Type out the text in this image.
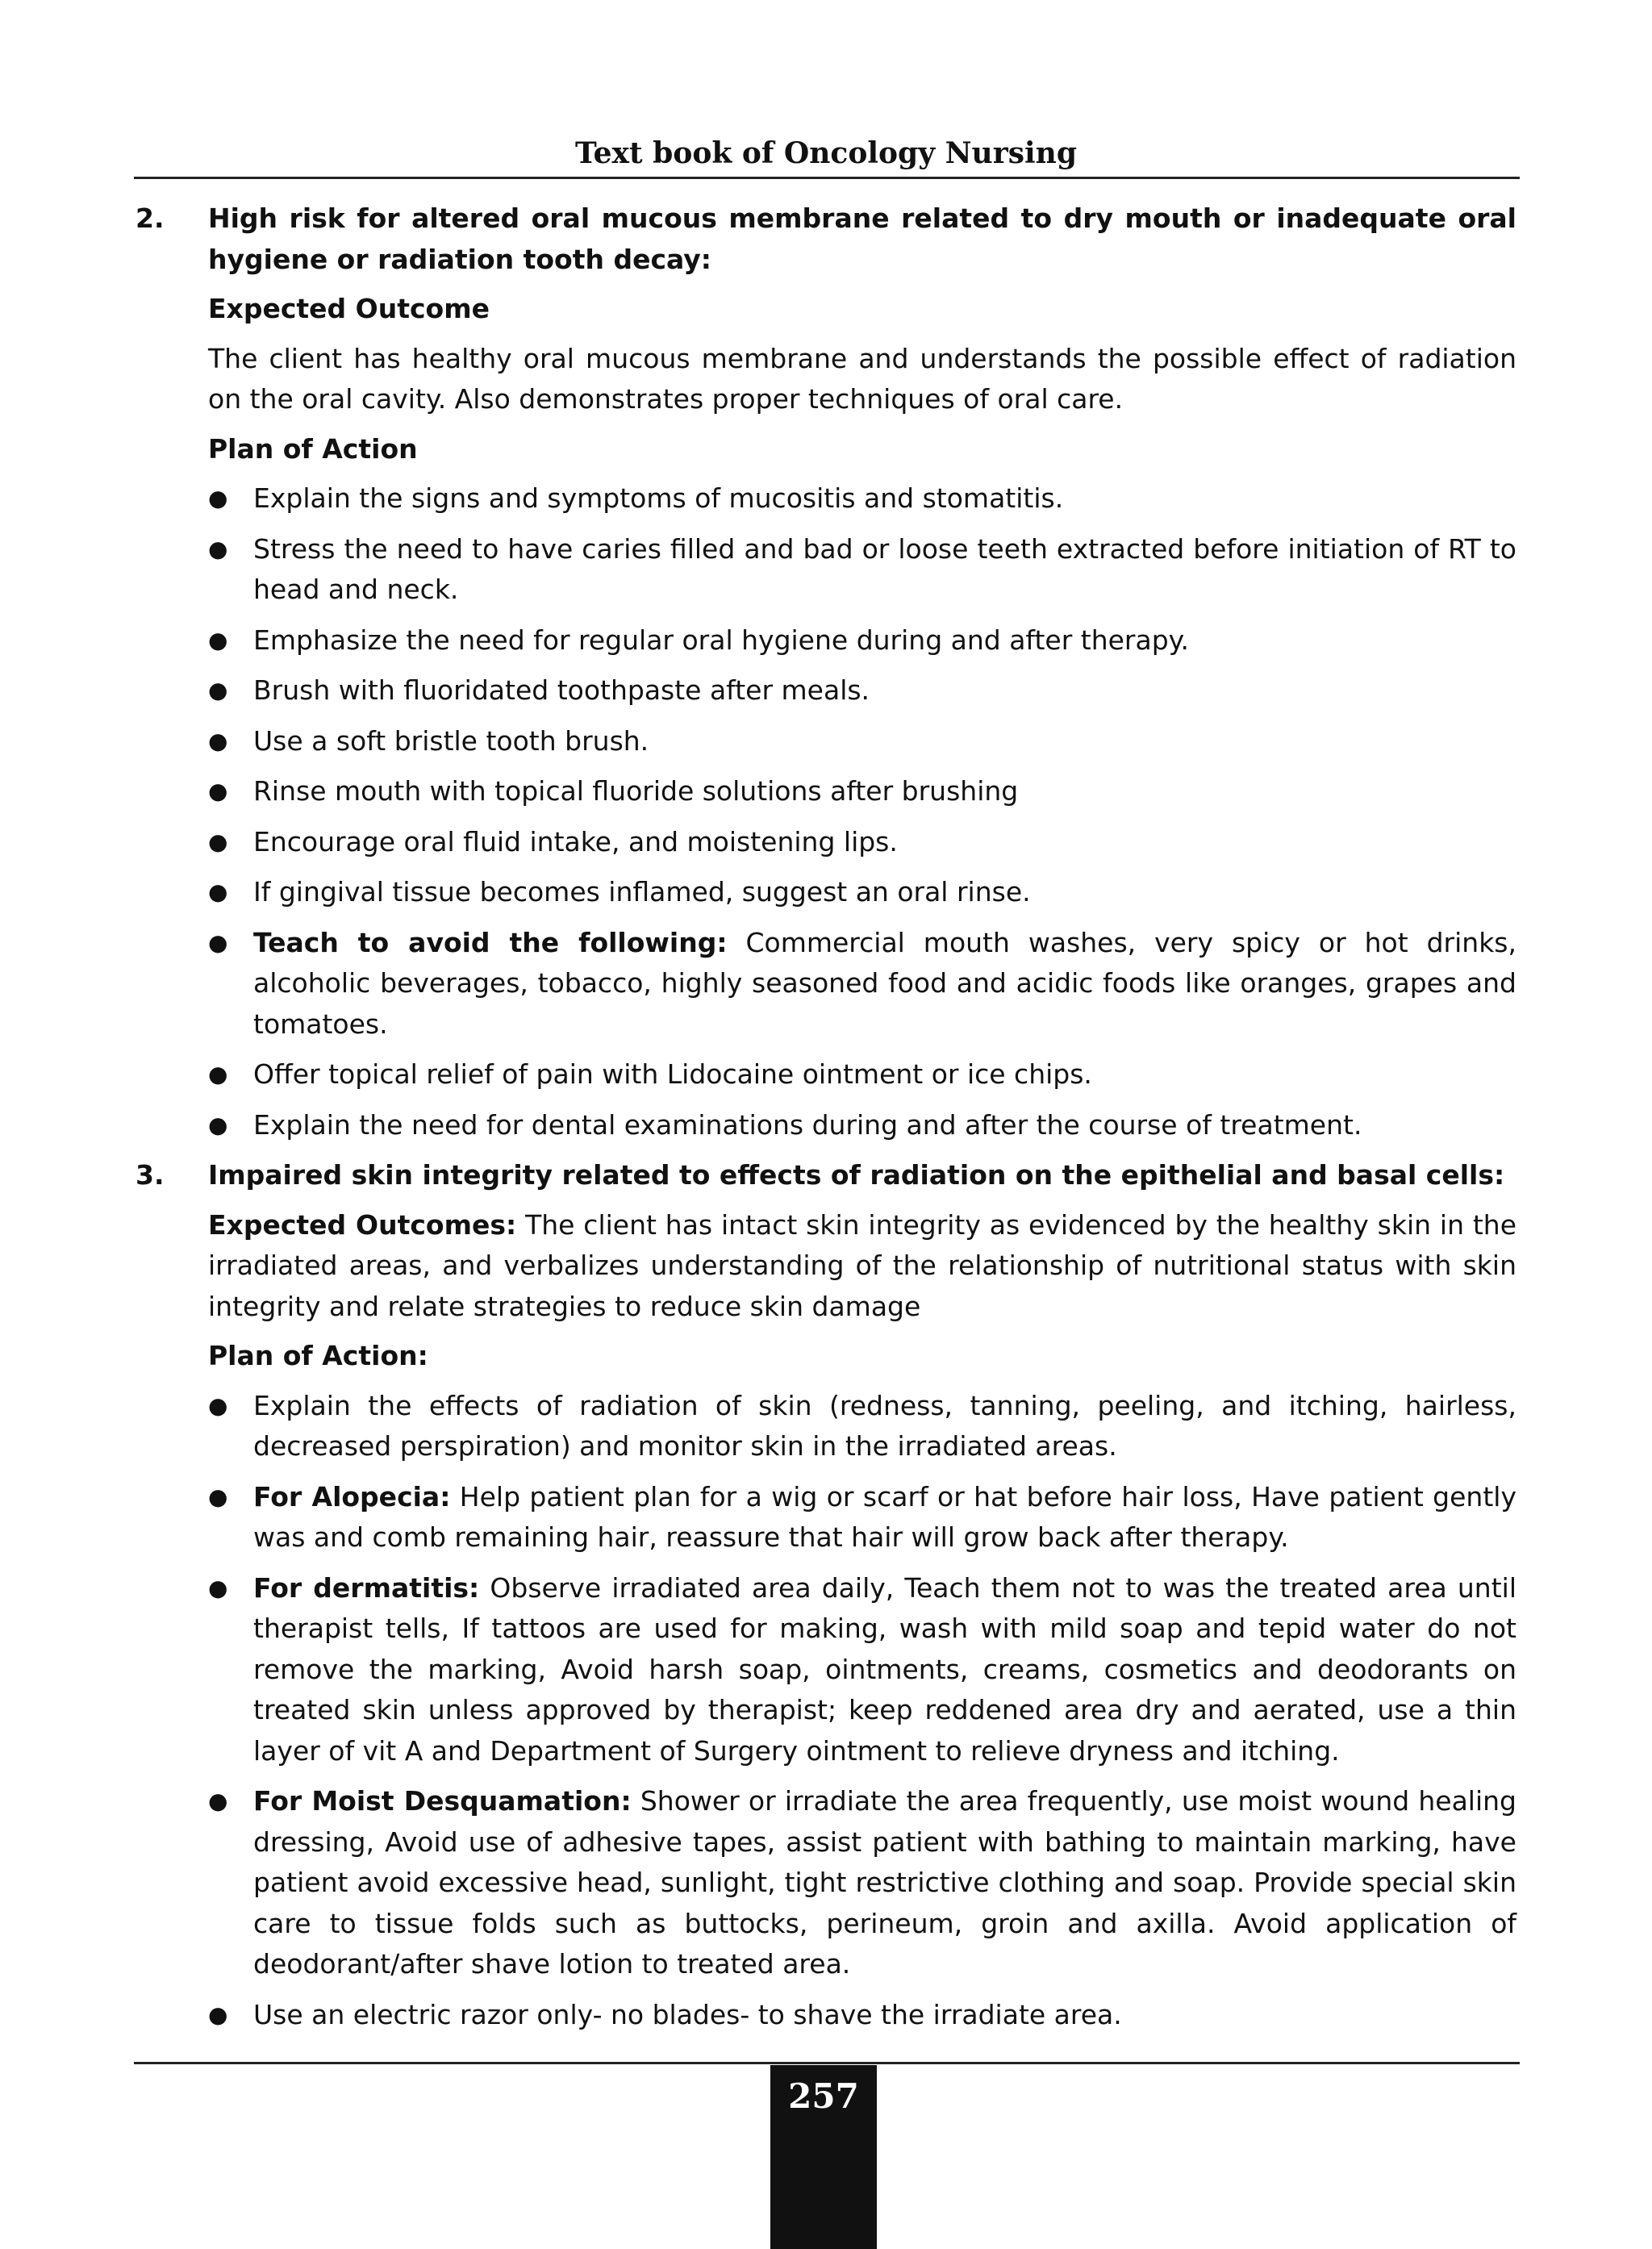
Text book of Oncology Nursing
2. High risk for altered oral mucous membrane related to dry mouth or inadequate oral hygiene or radiation tooth decay:
Expected Outcome
The client has healthy oral mucous membrane and understands the possible effect of radiation on the oral cavity. Also demonstrates proper techniques of oral care.
Plan of Action
● Explain the signs and symptoms of mucositis and stomatitis.
● Stress the need to have caries filled and bad or loose teeth extracted before initiation of RT to head and neck.
● Emphasize the need for regular oral hygiene during and after therapy.
● Brush with fluoridated toothpaste after meals.
● Use a soft bristle tooth brush.
● Rinse mouth with topical fluoride solutions after brushing
● Encourage oral fluid intake, and moistening lips.
● If gingival tissue becomes inflamed, suggest an oral rinse.
● Teach to avoid the following: Commercial mouth washes, very spicy or hot drinks, alcoholic beverages, tobacco, highly seasoned food and acidic foods like oranges, grapes and tomatoes.
● Offer topical relief of pain with Lidocaine ointment or ice chips.
● Explain the need for dental examinations during and after the course of treatment.
3. Impaired skin integrity related to effects of radiation on the epithelial and basal cells:
Expected Outcomes: The client has intact skin integrity as evidenced by the healthy skin in the irradiated areas, and verbalizes understanding of the relationship of nutritional status with skin integrity and relate strategies to reduce skin damage
Plan of Action:
● Explain the effects of radiation of skin (redness, tanning, peeling, and itching, hairless, decreased perspiration) and monitor skin in the irradiated areas.
● For Alopecia: Help patient plan for a wig or scarf or hat before hair loss, Have patient gently was and comb remaining hair, reassure that hair will grow back after therapy.
● For dermatitis: Observe irradiated area daily, Teach them not to was the treated area until therapist tells, If tattoos are used for making, wash with mild soap and tepid water do not remove the marking, Avoid harsh soap, ointments, creams, cosmetics and deodorants on treated skin unless approved by therapist; keep reddened area dry and aerated, use a thin layer of vit A and Department of Surgery ointment to relieve dryness and itching.
● For Moist Desquamation: Shower or irradiate the area frequently, use moist wound healing dressing, Avoid use of adhesive tapes, assist patient with bathing to maintain marking, have patient avoid excessive head, sunlight, tight restrictive clothing and soap. Provide special skin care to tissue folds such as buttocks, perineum, groin and axilla. Avoid application of deodorant/after shave lotion to treated area.
● Use an electric razor only- no blades- to shave the irradiate area.
257
